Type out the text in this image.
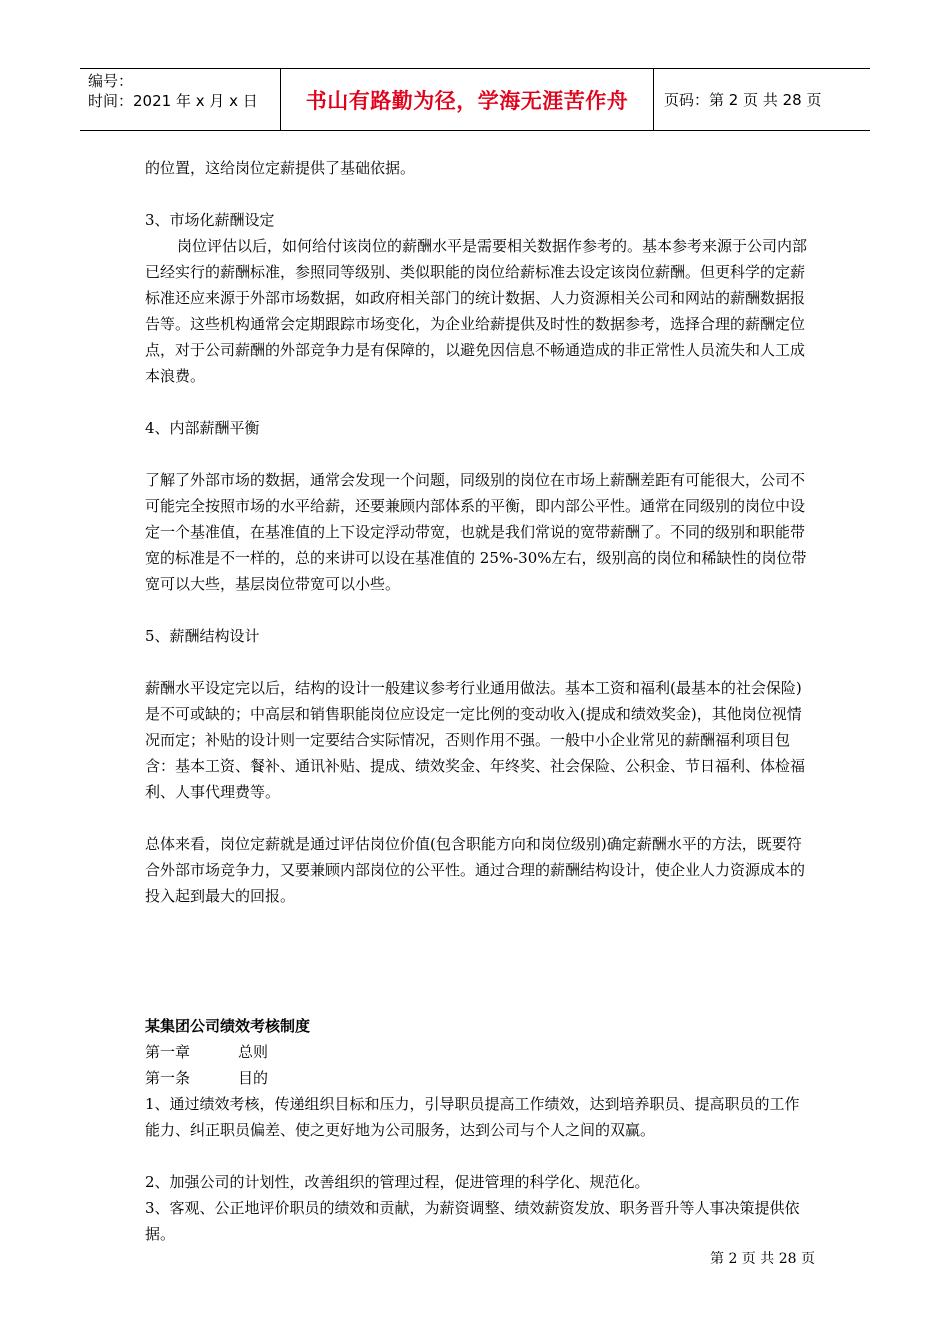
编号：
时间：2021 年 x 月 x 日	书山有路勤为径，学海无涯苦作舟	页码：第 2 页 共 28 页

的位置，这给岗位定薪提供了基础依据。

3、市场化薪酬设定

岗位评估以后，如何给付该岗位的薪酬水平是需要相关数据作参考的。基本参考来源于公司内部已经实行的薪酬标准，参照同等级别、类似职能的岗位给薪标准去设定该岗位薪酬。但更科学的定薪标准还应来源于外部市场数据，如政府相关部门的统计数据、人力资源相关公司和网站的薪酬数据报告等。这些机构通常会定期跟踪市场变化，为企业给薪提供及时性的数据参考，选择合理的薪酬定位点，对于公司薪酬的外部竞争力是有保障的，以避免因信息不畅通造成的非正常性人员流失和人工成本浪费。

4、内部薪酬平衡

了解了外部市场的数据，通常会发现一个问题，同级别的岗位在市场上薪酬差距有可能很大，公司不可能完全按照市场的水平给薪，还要兼顾内部体系的平衡，即内部公平性。通常在同级别的岗位中设定一个基准值，在基准值的上下设定浮动带宽，也就是我们常说的宽带薪酬了。不同的级别和职能带宽的标准是不一样的，总的来讲可以设在基准值的 25%-30%左右，级别高的岗位和稀缺性的岗位带宽可以大些，基层岗位带宽可以小些。

5、薪酬结构设计

薪酬水平设定完以后，结构的设计一般建议参考行业通用做法。基本工资和福利(最基本的社会保险)是不可或缺的；中高层和销售职能岗位应设定一定比例的变动收入(提成和绩效奖金)，其他岗位视情况而定；补贴的设计则一定要结合实际情况，否则作用不强。一般中小企业常见的薪酬福利项目包含：基本工资、餐补、通讯补贴、提成、绩效奖金、年终奖、社会保险、公积金、节日福利、体检福利、人事代理费等。

总体来看，岗位定薪就是通过评估岗位价值(包含职能方向和岗位级别)确定薪酬水平的方法，既要符合外部市场竞争力，又要兼顾内部岗位的公平性。通过合理的薪酬结构设计，使企业人力资源成本的投入起到最大的回报。

某集团公司绩效考核制度

第一章	总则

第一条	目的

1、通过绩效考核，传递组织目标和压力，引导职员提高工作绩效，达到培养职员、提高职员的工作能力、纠正职员偏差、使之更好地为公司服务，达到公司与个人之间的双赢。

2、加强公司的计划性，改善组织的管理过程，促进管理的科学化、规范化。

3、客观、公正地评价职员的绩效和贡献，为薪资调整、绩效薪资发放、职务晋升等人事决策提供依据。

第 2 页 共 28 页
